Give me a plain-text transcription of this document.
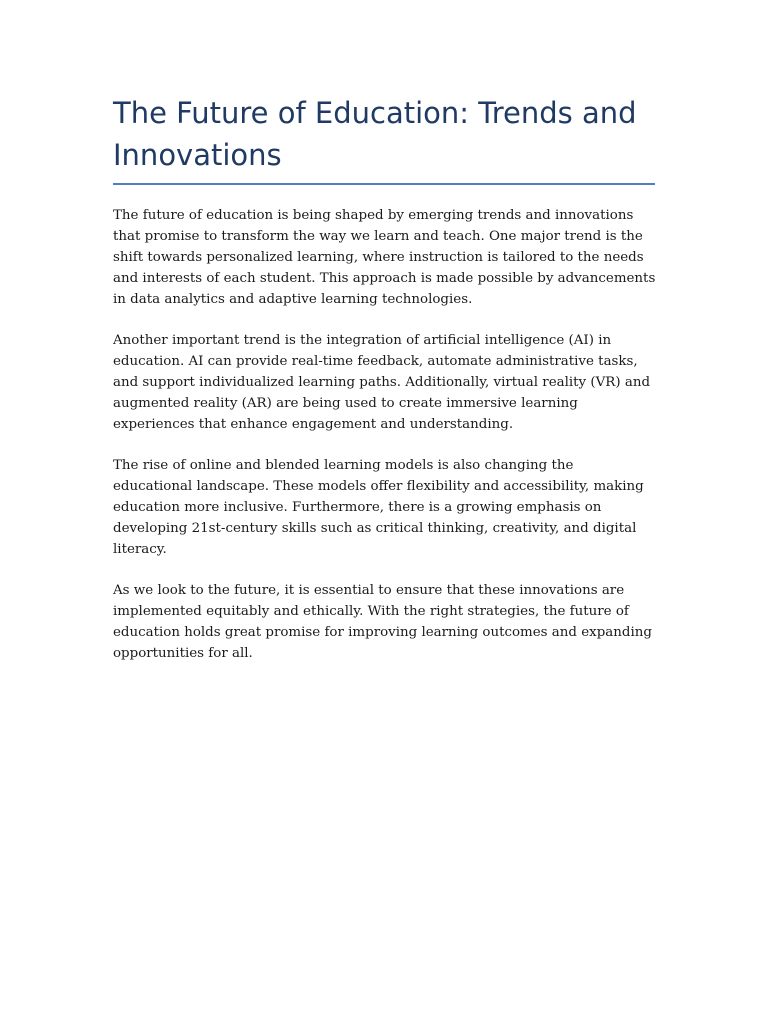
The Future of Education: Trends and Innovations

The future of education is being shaped by emerging trends and innovations that promise to transform the way we learn and teach. One major trend is the shift towards personalized learning, where instruction is tailored to the needs and interests of each student. This approach is made possible by advancements in data analytics and adaptive learning technologies.

Another important trend is the integration of artificial intelligence (AI) in education. AI can provide real-time feedback, automate administrative tasks, and support individualized learning paths. Additionally, virtual reality (VR) and augmented reality (AR) are being used to create immersive learning experiences that enhance engagement and understanding.

The rise of online and blended learning models is also changing the educational landscape. These models offer flexibility and accessibility, making education more inclusive. Furthermore, there is a growing emphasis on developing 21st-century skills such as critical thinking, creativity, and digital literacy.

As we look to the future, it is essential to ensure that these innovations are implemented equitably and ethically. With the right strategies, the future of education holds great promise for improving learning outcomes and expanding opportunities for all.
